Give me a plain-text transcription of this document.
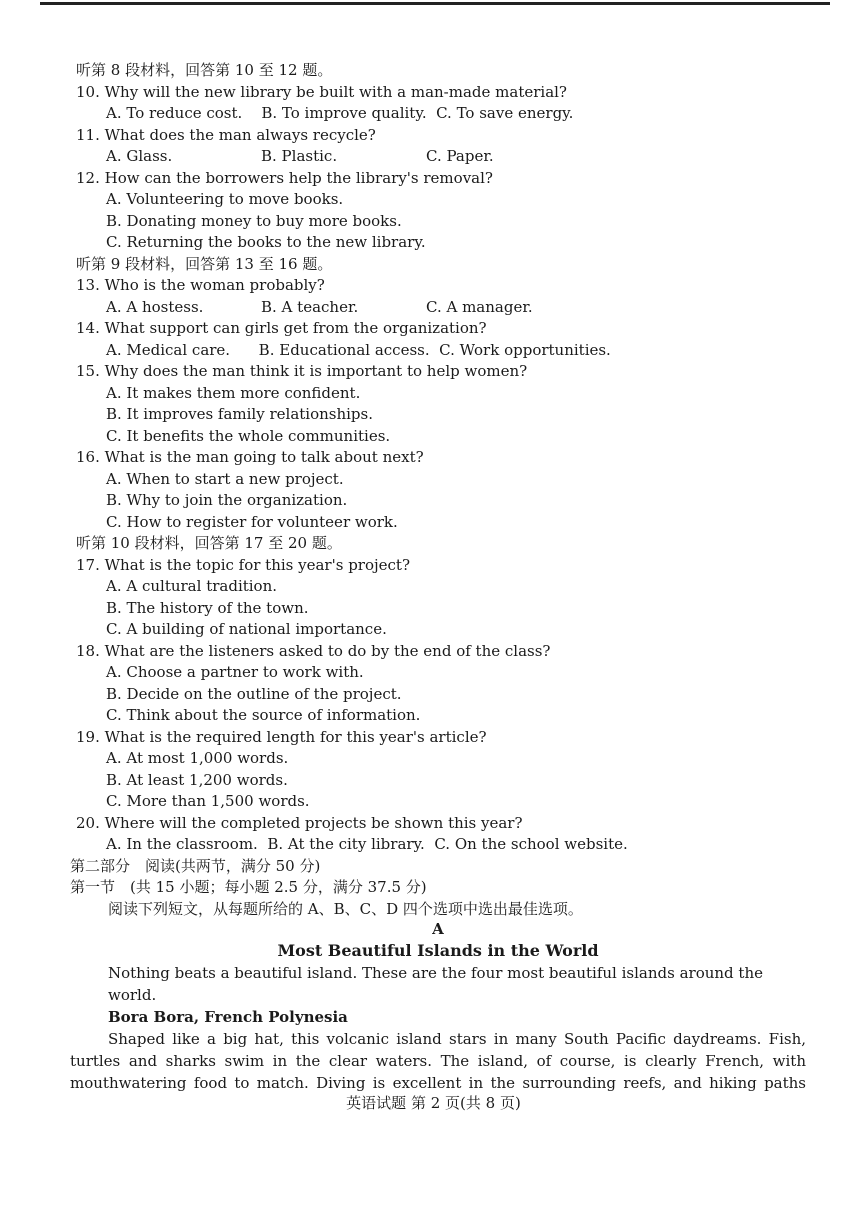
听第 8 段材料，回答第 10 至 12 题。
10. Why will the new library be built with a man-made material?
A. To reduce cost.    B. To improve quality.  C. To save energy.
11. What does the man always recycle?
A. Glass.	B. Plastic.	C. Paper.
12. How can the borrowers help the library's removal?
A. Volunteering to move books.
B. Donating money to buy more books.
C. Returning the books to the new library.
听第 9 段材料，回答第 13 至 16 题。
13. Who is the woman probably?
A. A hostess.	B. A teacher.	C. A manager.
14. What support can girls get from the organization?
A. Medical care.      B. Educational access.  C. Work opportunities.
15. Why does the man think it is important to help women?
A. It makes them more confident.
B. It improves family relationships.
C. It benefits the whole communities.
16. What is the man going to talk about next?
A. When to start a new project.
B. Why to join the organization.
C. How to register for volunteer work.
听第 10 段材料，回答第 17 至 20 题。
17. What is the topic for this year's project?
A. A cultural tradition.
B. The history of the town.
C. A building of national importance.
18. What are the listeners asked to do by the end of the class?
A. Choose a partner to work with.
B. Decide on the outline of the project.
C. Think about the source of information.
19. What is the required length for this year's article?
A. At most 1,000 words.
B. At least 1,200 words.
C. More than 1,500 words.
20. Where will the completed projects be shown this year?
A. In the classroom.  B. At the city library.  C. On the school website.
第二部分　阅读(共两节，满分 50 分)
第一节　(共 15 小题；每小题 2.5 分，满分 37.5 分)
阅读下列短文，从每题所给的 A、B、C、D 四个选项中选出最佳选项。
A
Most Beautiful Islands in the World
Nothing beats a beautiful island. These are the four most beautiful islands around the world.
Bora Bora, French Polynesia
Shaped like a big hat, this volcanic island stars in many South Pacific daydreams. Fish,
turtles and sharks swim in the clear waters. The island, of course, is clearly French, with
mouthwatering food to match. Diving is excellent in the surrounding reefs, and hiking paths
英语试题 第 2 页(共 8 页)
